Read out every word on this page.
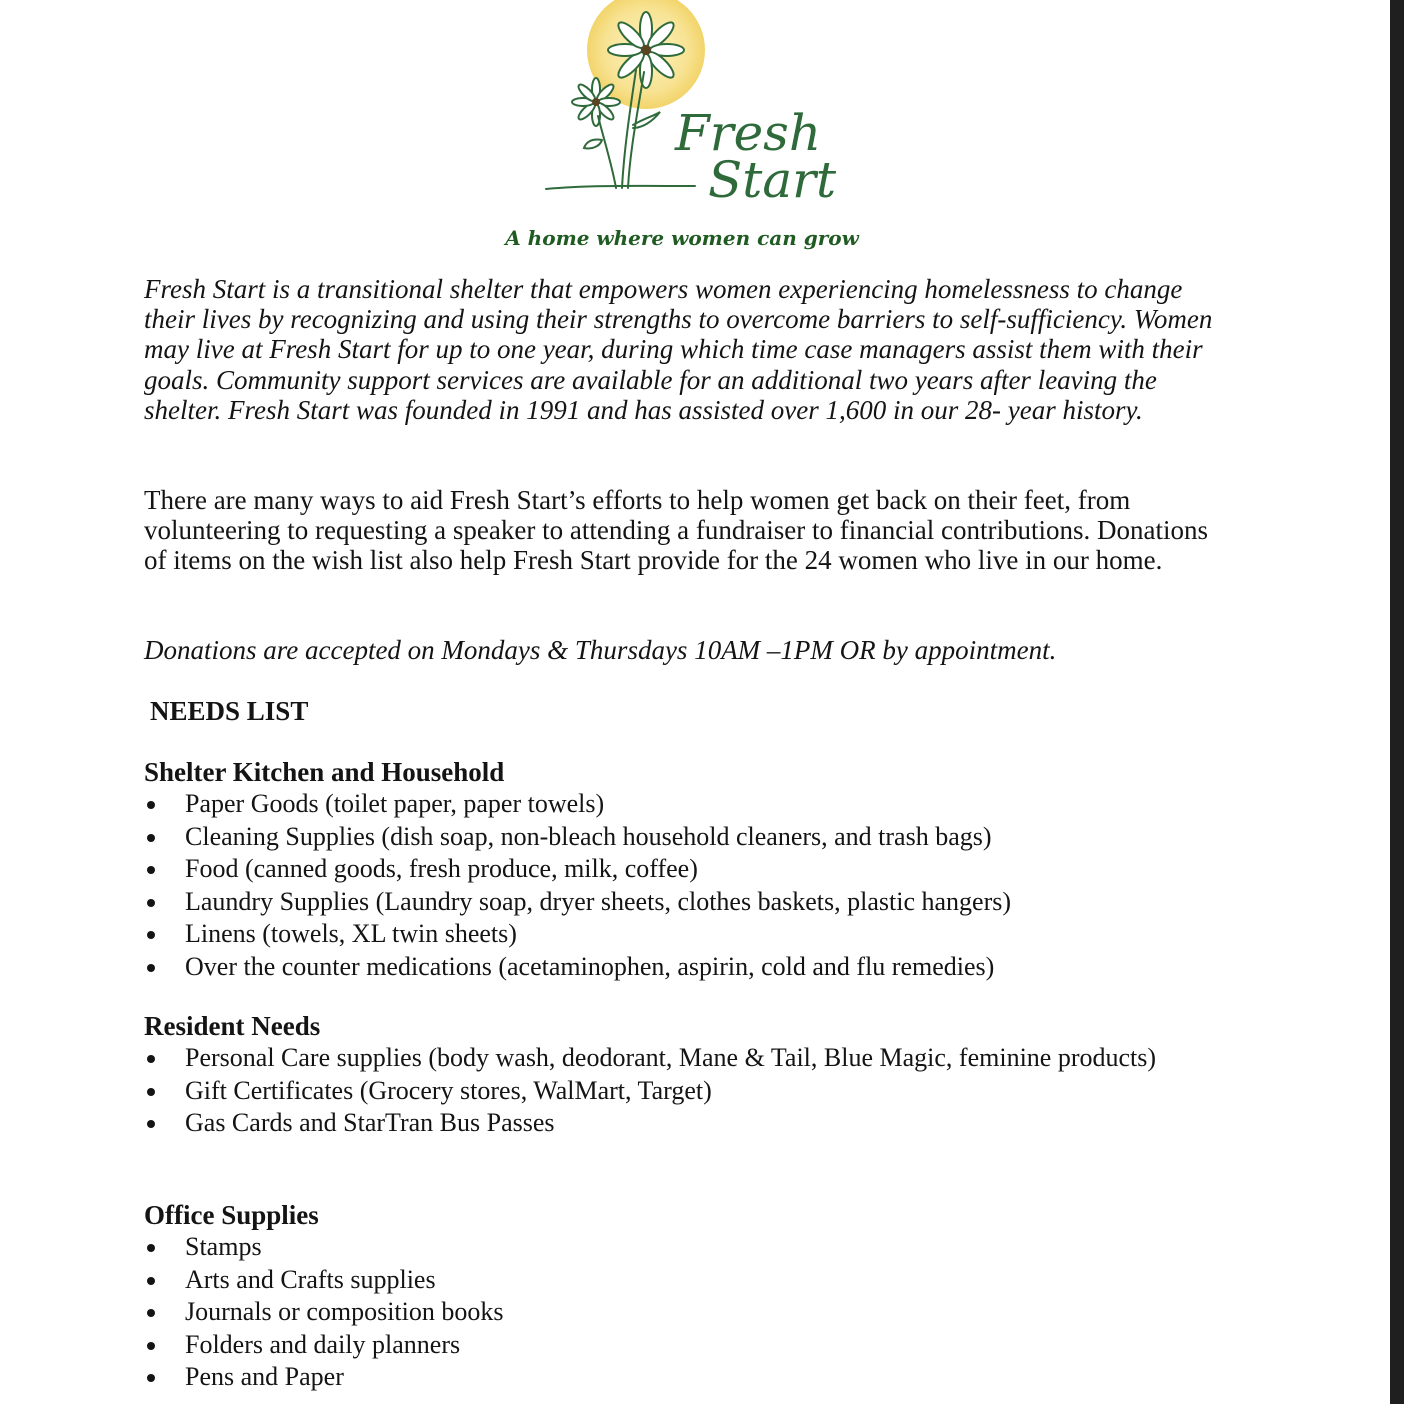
Fresh
Start

A home where women can grow

Fresh Start is a transitional shelter that empowers women experiencing homelessness to change their lives by recognizing and using their strengths to overcome barriers to self-sufficiency. Women may live at Fresh Start for up to one year, during which time case managers assist them with their goals. Community support services are available for an additional two years after leaving the shelter. Fresh Start was founded in 1991 and has assisted over 1,600 in our 28- year history.

There are many ways to aid Fresh Start’s efforts to help women get back on their feet, from volunteering to requesting a speaker to attending a fundraiser to financial contributions. Donations of items on the wish list also help Fresh Start provide for the 24 women who live in our home.

Donations are accepted on Mondays & Thursdays 10AM –1PM OR by appointment.

NEEDS LIST
Shelter Kitchen and Household
Paper Goods (toilet paper, paper towels)
Cleaning Supplies (dish soap, non-bleach household cleaners, and trash bags)
Food (canned goods, fresh produce, milk, coffee)
Laundry Supplies (Laundry soap, dryer sheets, clothes baskets, plastic hangers)
Linens (towels, XL twin sheets)
Over the counter medications (acetaminophen, aspirin, cold and flu remedies)
Resident Needs
Personal Care supplies (body wash, deodorant, Mane & Tail, Blue Magic, feminine products)
Gift Certificates (Grocery stores, WalMart, Target)
Gas Cards and StarTran Bus Passes
Office Supplies
Stamps
Arts and Crafts supplies
Journals or composition books
Folders and daily planners
Pens and Paper
